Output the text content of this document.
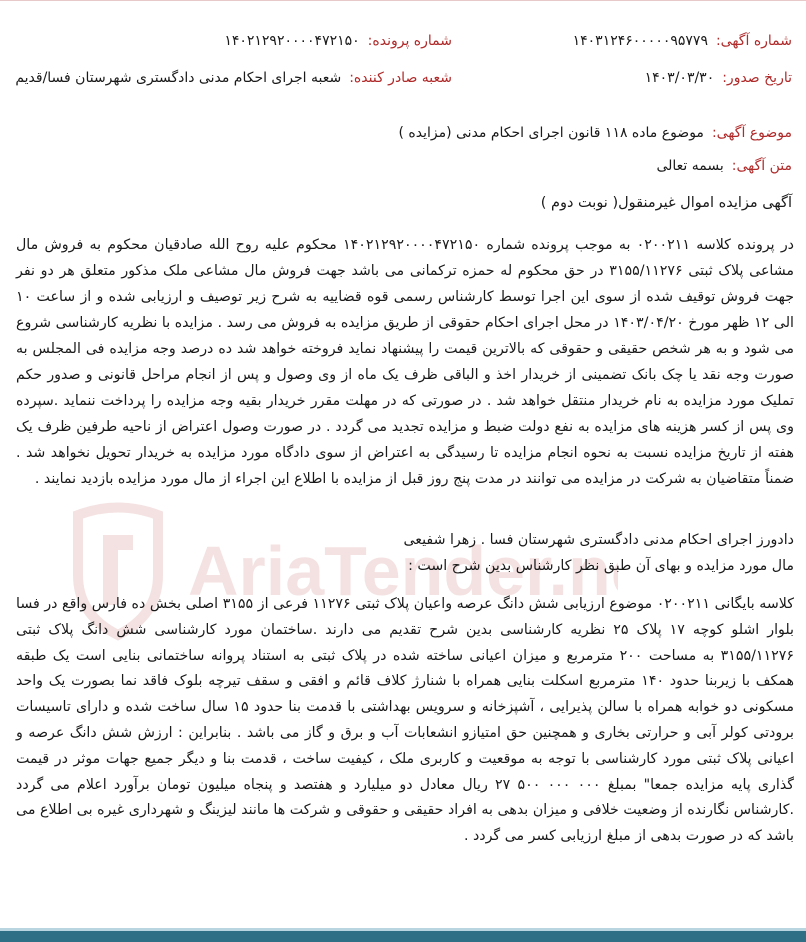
AriaTender.n
شماره آگهی:۱۴۰۳۱۲۴۶۰۰۰۰۰۹۵۷۷۹
شماره پرونده:۱۴۰۲۱۲۹۲۰۰۰۰۴۷۲۱۵۰
تاریخ صدور:۱۴۰۳/۰۳/۳۰
شعبه صادر کننده:شعبه اجرای احکام مدنی دادگستری شهرستان فسا/قدیم
موضوع آگهی:موضوع ماده ۱۱۸ قانون اجرای احکام مدنی (مزایده )
متن آگهی:بسمه تعالی
آگهی مزایده اموال غیرمنقول( نوبت دوم )
در پرونده کلاسه ۰۲۰۰۲۱۱ به موجب پرونده شماره ۱۴۰۲۱۲۹۲۰۰۰۰۴۷۲۱۵۰ محکوم علیه روح الله صادقیان محکوم به فروش مال مشاعی پلاک ثبتی ۳۱۵۵/۱۱۲۷۶ در حق محکوم له حمزه ترکمانی می باشد جهت فروش مال مشاعی ملک مذکور متعلق هر دو نفر جهت فروش توقیف شده از سوی این اجرا توسط کارشناس رسمی قوه قضاییه به شرح زیر توصیف و ارزیابی شده و از ساعت ۱۰ الی ۱۲ ظهر مورخ ۱۴۰۳/۰۴/۲۰ در محل اجرای احکام حقوقی از طریق مزایده به فروش می رسد . مزایده با نظریه کارشناسی شروع می شود و به هر شخص حقیقی و حقوقی که بالاترین قیمت را پیشنهاد نماید فروخته خواهد شد ده درصد وجه مزایده فی المجلس به صورت وجه نقد یا چک بانک تضمینی از خریدار اخذ و الباقی ظرف یک ماه از وی وصول و پس از انجام مراحل قانونی و صدور حکم تملیک مورد مزایده به نام خریدار منتقل خواهد شد . در صورتی که در مهلت مقرر خریدار بقیه وجه مزایده را پرداخت ننماید .سپرده وی پس از کسر هزینه های مزایده به نفع دولت ضبط و مزایده تجدید می گردد . در صورت وصول اعتراض از ناحیه طرفین ظرف یک هفته از تاریخ مزایده نسبت به نحوه انجام مزایده تا رسیدگی به اعتراض از سوی دادگاه مورد مزایده به خریدار تحویل نخواهد شد . ضمناً متقاضیان به شرکت در مزایده می توانند در مدت پنج روز قبل از مزایده با اطلاع این اجراء از مال مورد مزایده بازدید نمایند .
دادورز اجرای احکام مدنی دادگستری شهرستان فسا . زهرا شفیعی
مال مورد مزایده و بهای آن طبق نظر کارشناس بدین شرح است :
کلاسه بایگانی ۰۲۰۰۲۱۱ موضوع ارزیابی شش دانگ عرصه واعیان پلاک ثبتی ۱۱۲۷۶ فرعی از ۳۱۵۵ اصلی بخش ده فارس واقع در فسا بلوار اشلو کوچه ۱۷ پلاک ۲۵ نظریه کارشناسی بدین شرح تقدیم می دارند .ساختمان مورد کارشناسی شش دانگ پلاک ثبتی ۳۱۵۵/۱۱۲۷۶ به مساحت ۲۰۰ مترمربع و میزان اعیانی ساخته شده در پلاک ثبتی به استناد پروانه ساختمانی بنایی است یک طبقه همکف با زیربنا حدود ۱۴۰ مترمربع اسکلت بنایی همراه با شنارژ کلاف قائم و افقی و سقف تیرچه بلوک فاقد نما بصورت یک واحد مسکونی دو خوابه همراه با سالن پذیرایی ، آشپزخانه و سرویس بهداشتی با قدمت بنا حدود ۱۵ سال ساخت شده و دارای تاسیسات برودتی کولر آبی و حرارتی بخاری و همچنین حق امتیازو انشعابات آب و برق و گاز می باشد . بنابراین : ارزش شش دانگ عرصه و اعیانی پلاک ثبتی مورد کارشناسی با توجه به موقعیت و کاربری ملک ، کیفیت ساخت ، قدمت بنا و دیگر جمیع جهات موثر در قیمت گذاری پایه مزایده جمعا" بمبلغ ۰۰۰ ۰۰۰ ۵۰۰ ۲۷ ریال معادل دو میلیارد و هفتصد و پنجاه میلیون تومان برآورد اعلام می گردد .کارشناس نگارنده از وضعیت خلافی و میزان بدهی به افراد حقیقی و حقوقی و شرکت ها مانند لیزینگ و شهرداری غیره بی اطلاع می باشد که در صورت بدهی از مبلغ ارزیابی کسر می گردد .
